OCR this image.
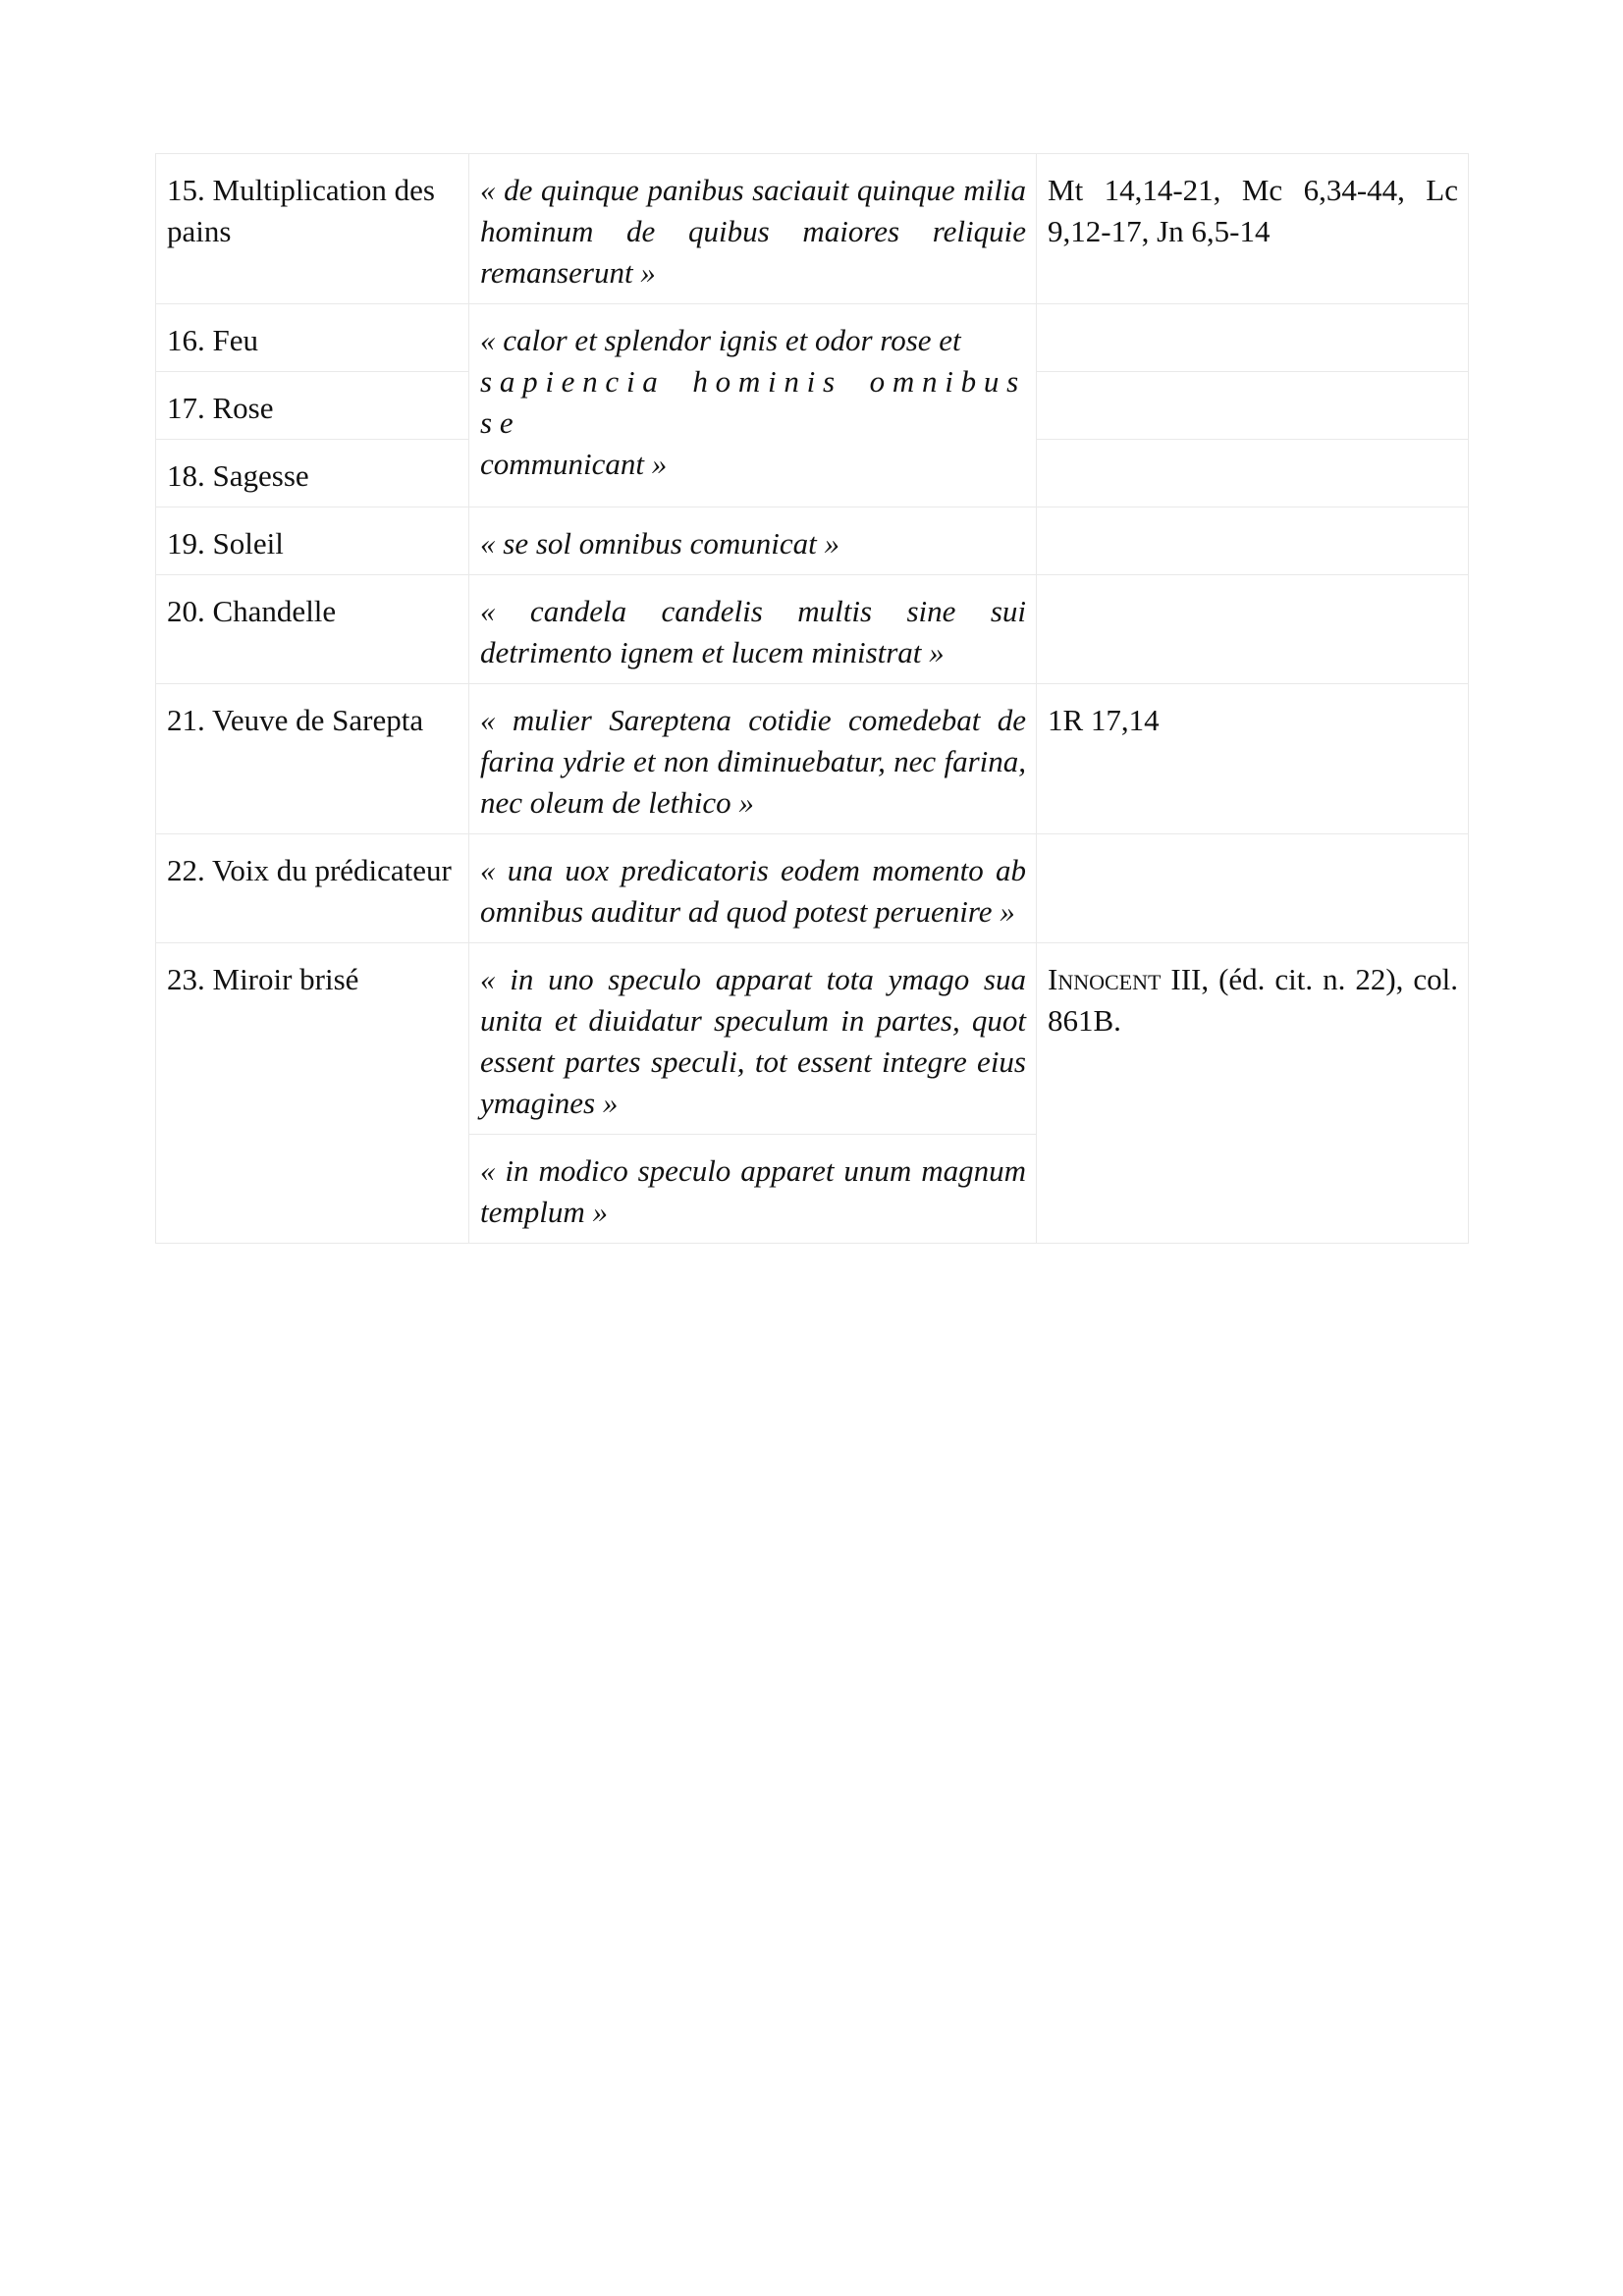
15. Multiplication des pains	« de quinque panibus saciauit quinque milia hominum de quibus maiores reliquie remanserunt »	Mt 14,14-21, Mc 6,34-44, Lc 9,12-17, Jn 6,5-14
16. Feu	« calor et splendor ignis et odor rose et
sapiencia hominis omnibus se
communicant »	
17. Rose		
18. Sagesse		
19. Soleil	« se sol omnibus comunicat »	
20. Chandelle	« candela candelis multis sine sui detrimento ignem et lucem ministrat »	
21. Veuve de Sarepta	« mulier Sareptena cotidie comedebat de farina ydrie et non diminuebatur, nec farina, nec oleum de lethico »	1R 17,14
22. Voix du prédicateur	« una uox predicatoris eodem momento ab omnibus auditur ad quod potest peruenire »	
23. Miroir brisé	« in uno speculo apparat tota ymago sua unita et diuidatur speculum in partes, quot essent partes speculi, tot essent integre eius ymagines »	Innocent III, (éd. cit. n. 22), col. 861B.
	« in modico speculo apparet unum magnum templum »	
